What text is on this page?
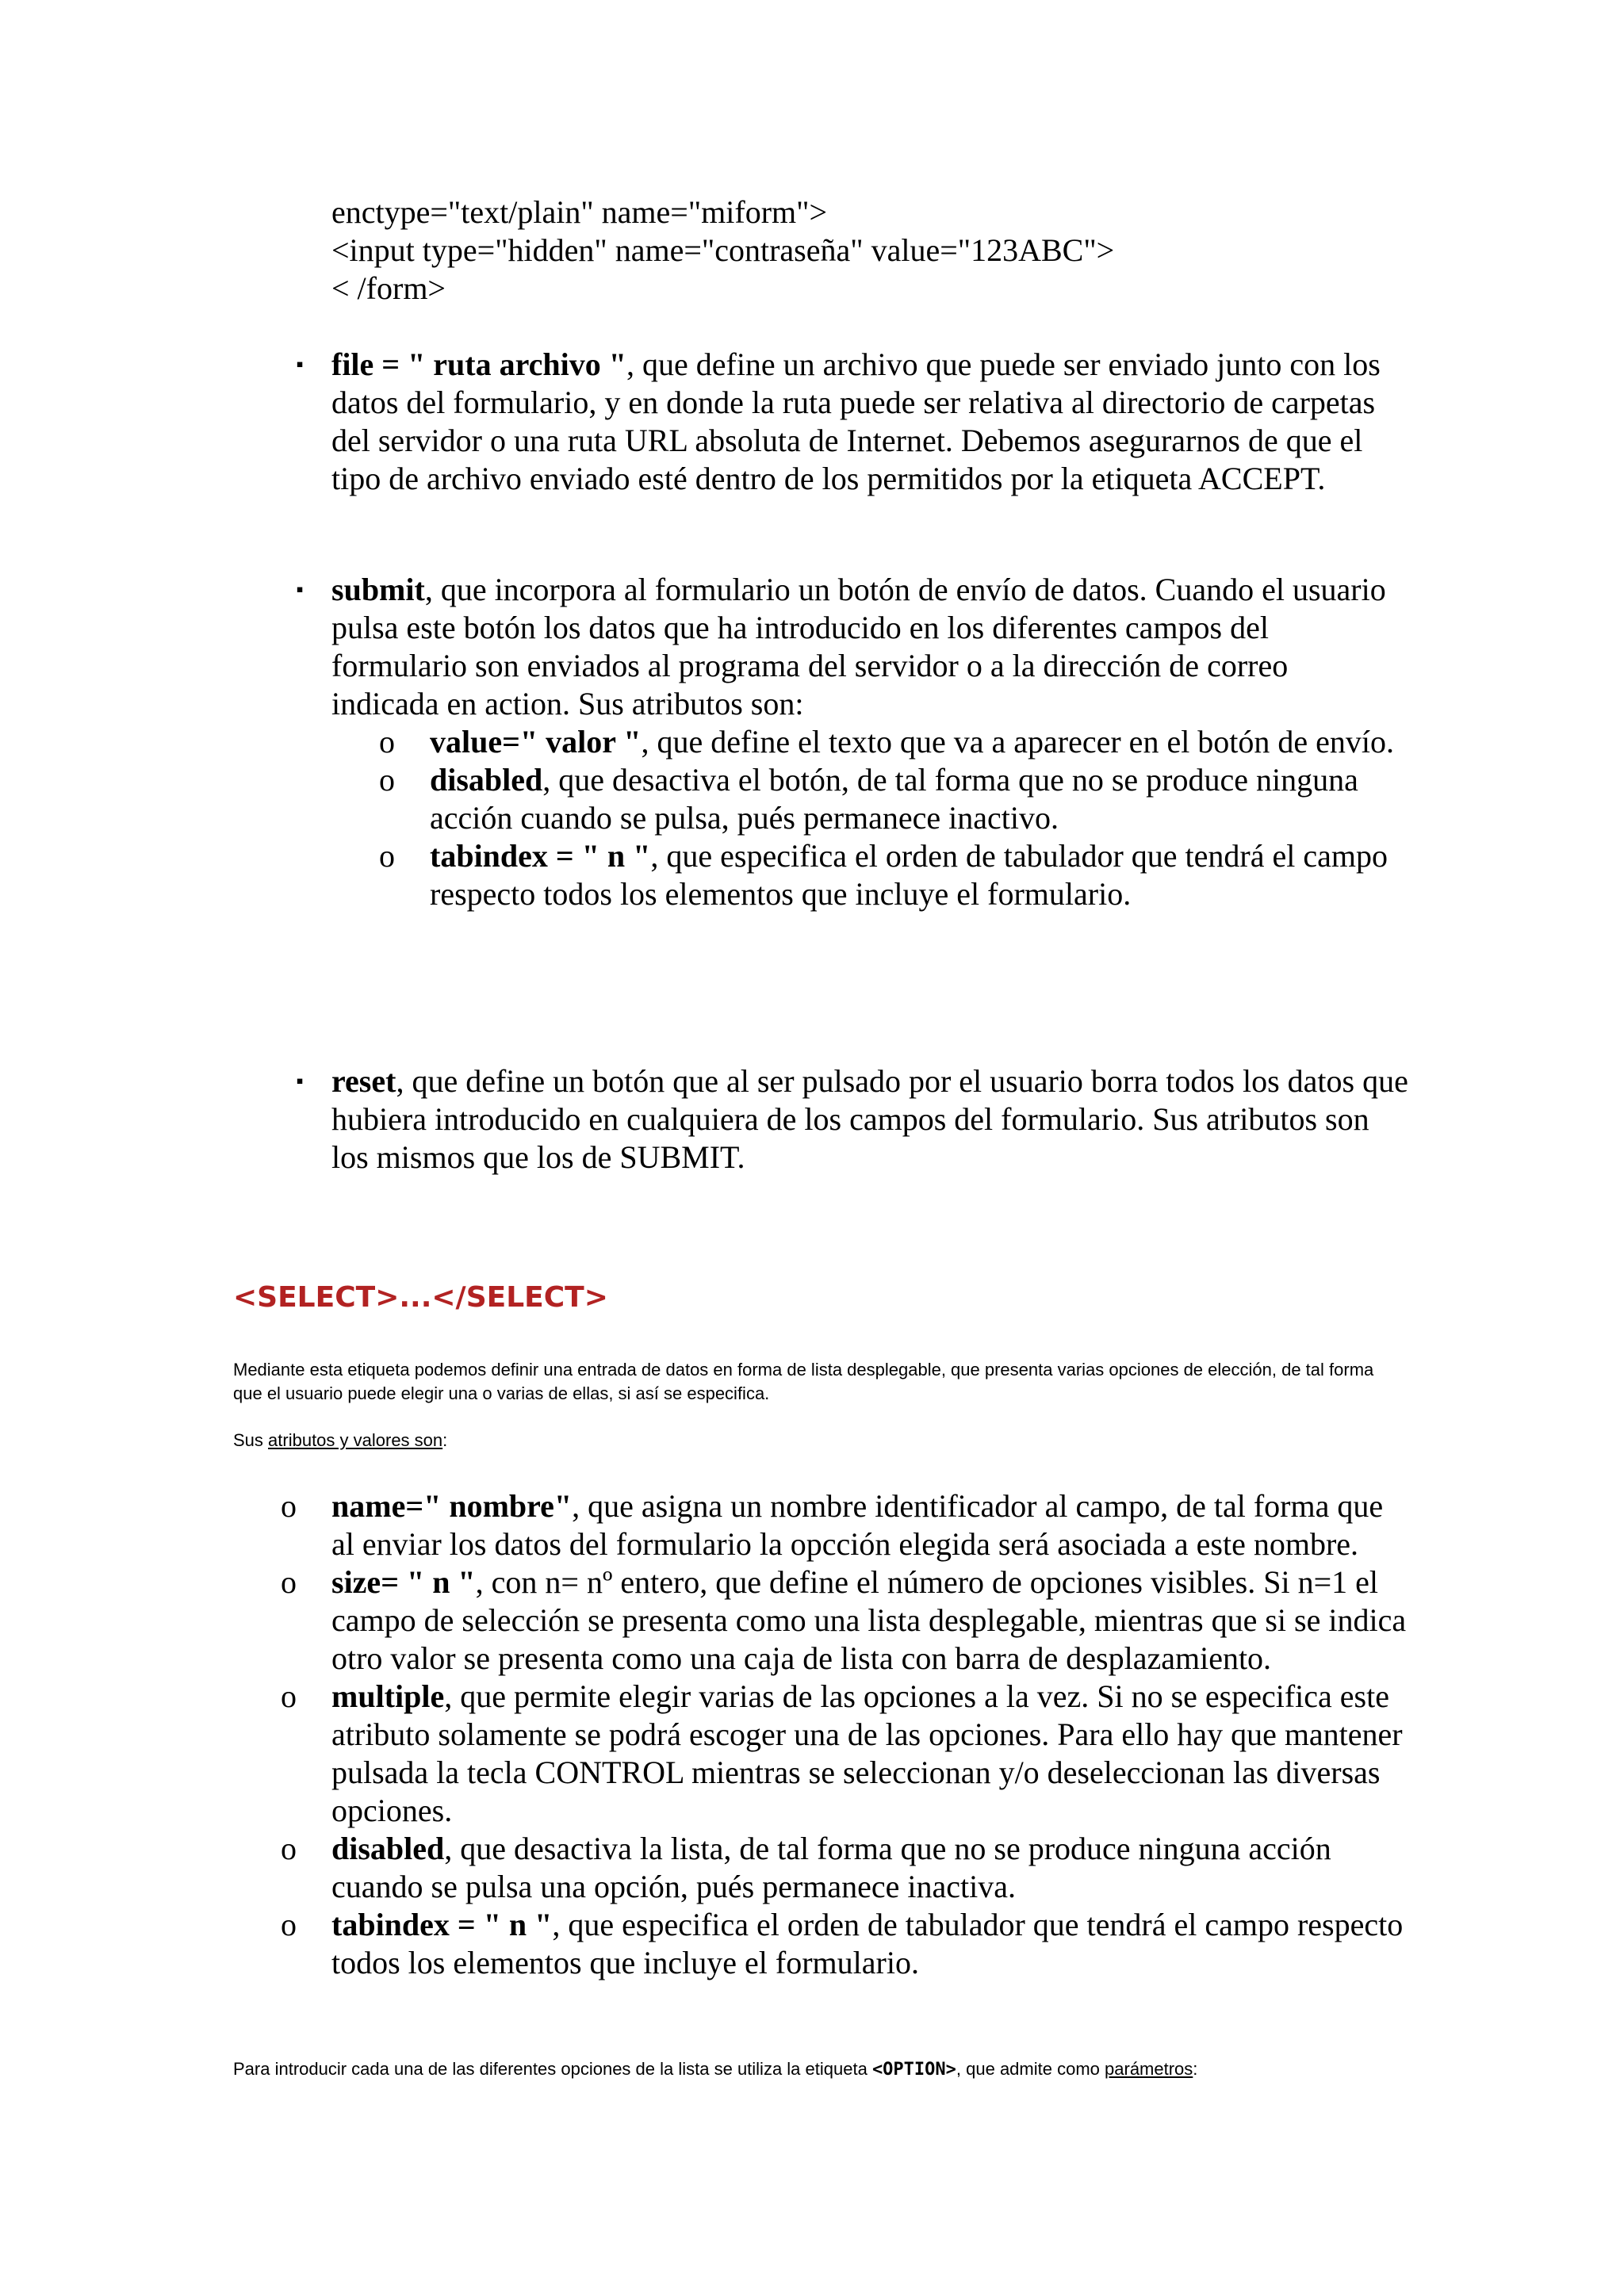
enctype="text/plain" name="miform">
<input type="hidden" name="contraseña" value="123ABC">
< /form>
▪ file = " ruta archivo ", que define un archivo que puede ser enviado junto con los datos del formulario, y en donde la ruta puede ser relativa al directorio de carpetas del servidor o una ruta URL absoluta de Internet. Debemos asegurarnos de que el tipo de archivo enviado esté dentro de los permitidos por la etiqueta ACCEPT.
▪ submit, que incorpora al formulario un botón de envío de datos. Cuando el usuario pulsa este botón los datos que ha introducido en los diferentes campos del formulario son enviados al programa del servidor o a la dirección de correo indicada en action. Sus atributos son:
o value=" valor ", que define el texto que va a aparecer en el botón de envío.
o disabled, que desactiva el botón, de tal forma que no se produce ninguna acción cuando se pulsa, pués permanece inactivo.
o tabindex = " n ", que especifica el orden de tabulador que tendrá el campo respecto todos los elementos que incluye el formulario.
▪ reset, que define un botón que al ser pulsado por el usuario borra todos los datos que hubiera introducido en cualquiera de los campos del formulario. Sus atributos son los mismos que los de SUBMIT.
<SELECT>...</SELECT>
Mediante esta etiqueta podemos definir una entrada de datos en forma de lista desplegable, que presenta varias opciones de elección, de tal forma que el usuario puede elegir una o varias de ellas, si así se especifica.
Sus atributos y valores son:
o name=" nombre", que asigna un nombre identificador al campo, de tal forma que al enviar los datos del formulario la opcción elegida será asociada a este nombre.
o size= " n ", con n= nº entero, que define el número de opciones visibles. Si n=1 el campo de selección se presenta como una lista desplegable, mientras que si se indica otro valor se presenta como una caja de lista con barra de desplazamiento.
o multiple, que permite elegir varias de las opciones a la vez. Si no se especifica este atributo solamente se podrá escoger una de las opciones. Para ello hay que mantener pulsada la tecla CONTROL mientras se seleccionan y/o deseleccionan las diversas opciones.
o disabled, que desactiva la lista, de tal forma que no se produce ninguna acción cuando se pulsa una opción, pués permanece inactiva.
o tabindex = " n ", que especifica el orden de tabulador que tendrá el campo respecto todos los elementos que incluye el formulario.
Para introducir cada una de las diferentes opciones de la lista se utiliza la etiqueta <OPTION>, que admite como parámetros:
